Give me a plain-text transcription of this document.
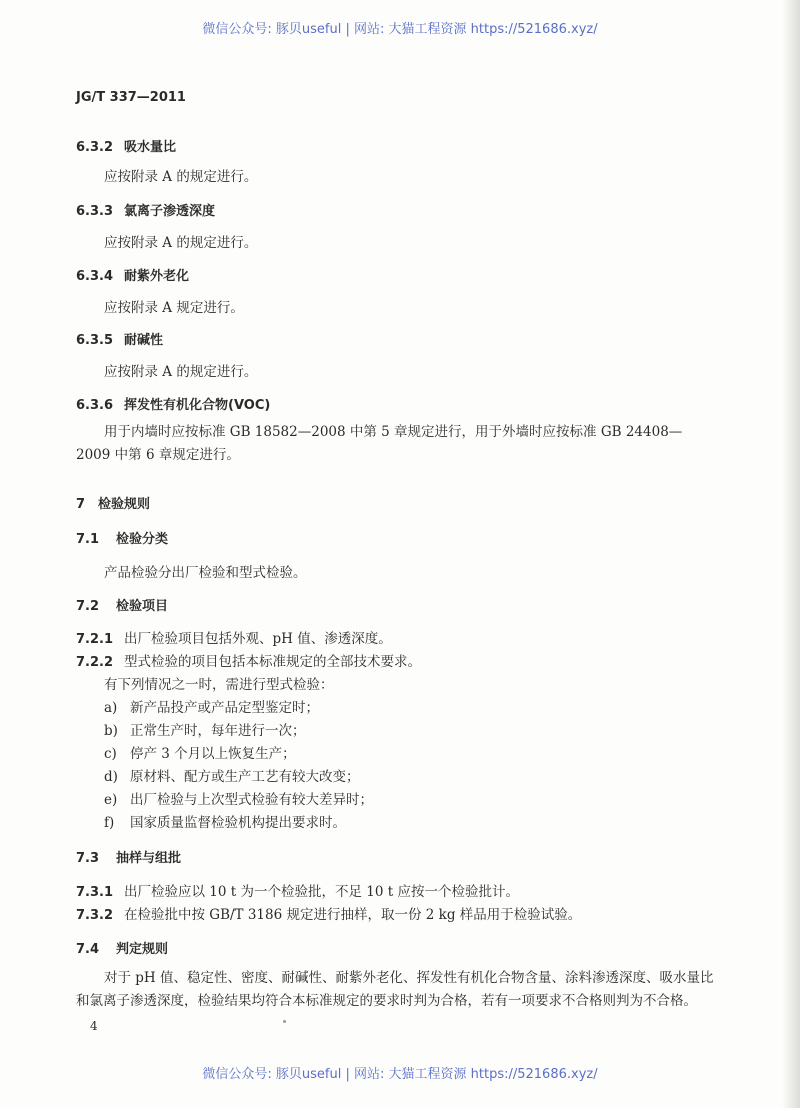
微信公众号: 豚贝useful | 网站: 大猫工程资源 https://521686.xyz/
JG/T 337—2011
6.3.2 吸水量比
应按附录 A 的规定进行。
6.3.3 氯离子渗透深度
应按附录 A 的规定进行。
6.3.4 耐紫外老化
应按附录 A 规定进行。
6.3.5 耐碱性
应按附录 A 的规定进行。
6.3.6 挥发性有机化合物(VOC)
用于内墙时应按标准 GB 18582—2008 中第 5 章规定进行，用于外墙时应按标准 GB 24408—2009 中第 6 章规定进行。
7 检验规则
7.1 检验分类
产品检验分出厂检验和型式检验。
7.2 检验项目
7.2.1 出厂检验项目包括外观、pH 值、渗透深度。
7.2.2 型式检验的项目包括本标准规定的全部技术要求。
有下列情况之一时，需进行型式检验：
a) 新产品投产或产品定型鉴定时；
b) 正常生产时，每年进行一次；
c) 停产 3 个月以上恢复生产；
d) 原材料、配方或生产工艺有较大改变；
e) 出厂检验与上次型式检验有较大差异时；
f) 国家质量监督检验机构提出要求时。
7.3 抽样与组批
7.3.1 出厂检验应以 10 t 为一个检验批，不足 10 t 应按一个检验批计。
7.3.2 在检验批中按 GB/T 3186 规定进行抽样，取一份 2 kg 样品用于检验试验。
7.4 判定规则
对于 pH 值、稳定性、密度、耐碱性、耐紫外老化、挥发性有机化合物含量、涂料渗透深度、吸水量比和氯离子渗透深度，检验结果均符合本标准规定的要求时判为合格，若有一项要求不合格则判为不合格。
4
微信公众号: 豚贝useful | 网站: 大猫工程资源 https://521686.xyz/
